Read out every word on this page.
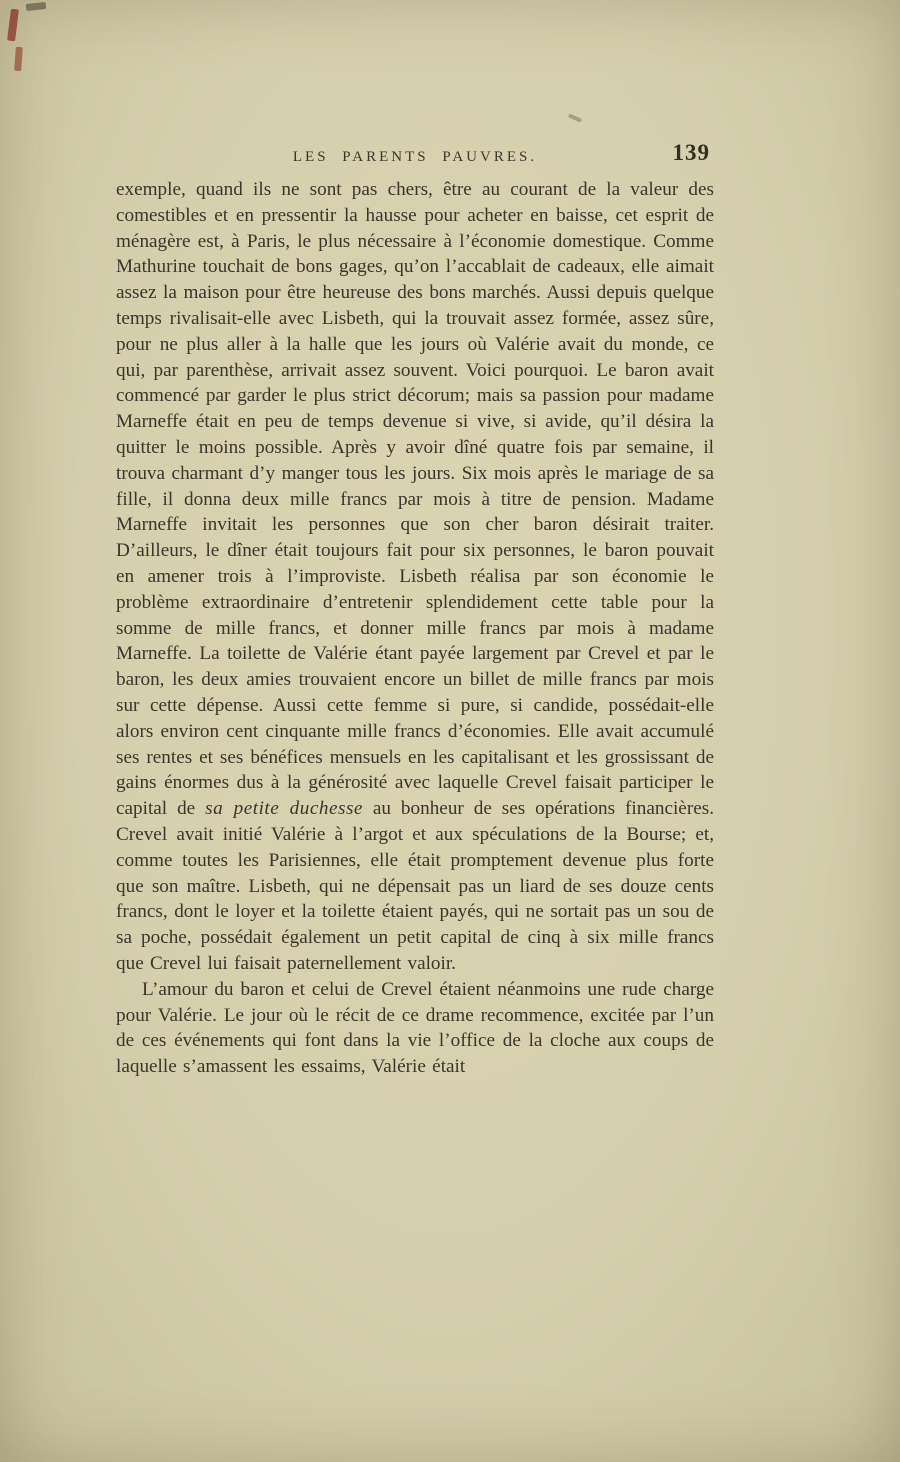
LES PARENTS PAUVRES.	139

exemple, quand ils ne sont pas chers, être au courant de la valeur des comestibles et en pressentir la hausse pour acheter en baisse, cet esprit de ménagère est, à Paris, le plus nécessaire à l’économie domestique. Comme Mathurine touchait de bons gages, qu’on l’accablait de cadeaux, elle aimait assez la maison pour être heureuse des bons marchés. Aussi depuis quelque temps rivalisait-elle avec Lisbeth, qui la trouvait assez formée, assez sûre, pour ne plus aller à la halle que les jours où Valérie avait du monde, ce qui, par parenthèse, arrivait assez souvent. Voici pourquoi. Le baron avait commencé par garder le plus strict décorum; mais sa passion pour madame Marneffe était en peu de temps devenue si vive, si avide, qu’il désira la quitter le moins possible. Après y avoir dîné quatre fois par semaine, il trouva charmant d’y manger tous les jours. Six mois après le mariage de sa fille, il donna deux mille francs par mois à titre de pension. Madame Marneffe invitait les personnes que son cher baron désirait traiter. D’ailleurs, le dîner était toujours fait pour six personnes, le baron pouvait en amener trois à l’improviste. Lisbeth réalisa par son économie le problème extraordinaire d’entretenir splendidement cette table pour la somme de mille francs, et donner mille francs par mois à madame Marneffe. La toilette de Valérie étant payée largement par Crevel et par le baron, les deux amies trouvaient encore un billet de mille francs par mois sur cette dépense. Aussi cette femme si pure, si candide, possédait-elle alors environ cent cinquante mille francs d’économies. Elle avait accumulé ses rentes et ses bénéfices mensuels en les capitalisant et les grossissant de gains énormes dus à la générosité avec laquelle Crevel faisait participer le capital de sa petite duchesse au bonheur de ses opérations financières. Crevel avait initié Valérie à l’argot et aux spéculations de la Bourse; et, comme toutes les Parisiennes, elle était promptement devenue plus forte que son maître. Lisbeth, qui ne dépensait pas un liard de ses douze cents francs, dont le loyer et la toilette étaient payés, qui ne sortait pas un sou de sa poche, possédait également un petit capital de cinq à six mille francs que Crevel lui faisait paternellement valoir.

L’amour du baron et celui de Crevel étaient néanmoins une rude charge pour Valérie. Le jour où le récit de ce drame recommence, excitée par l’un de ces événements qui font dans la vie l’office de la cloche aux coups de laquelle s’amassent les essaims, Valérie était
